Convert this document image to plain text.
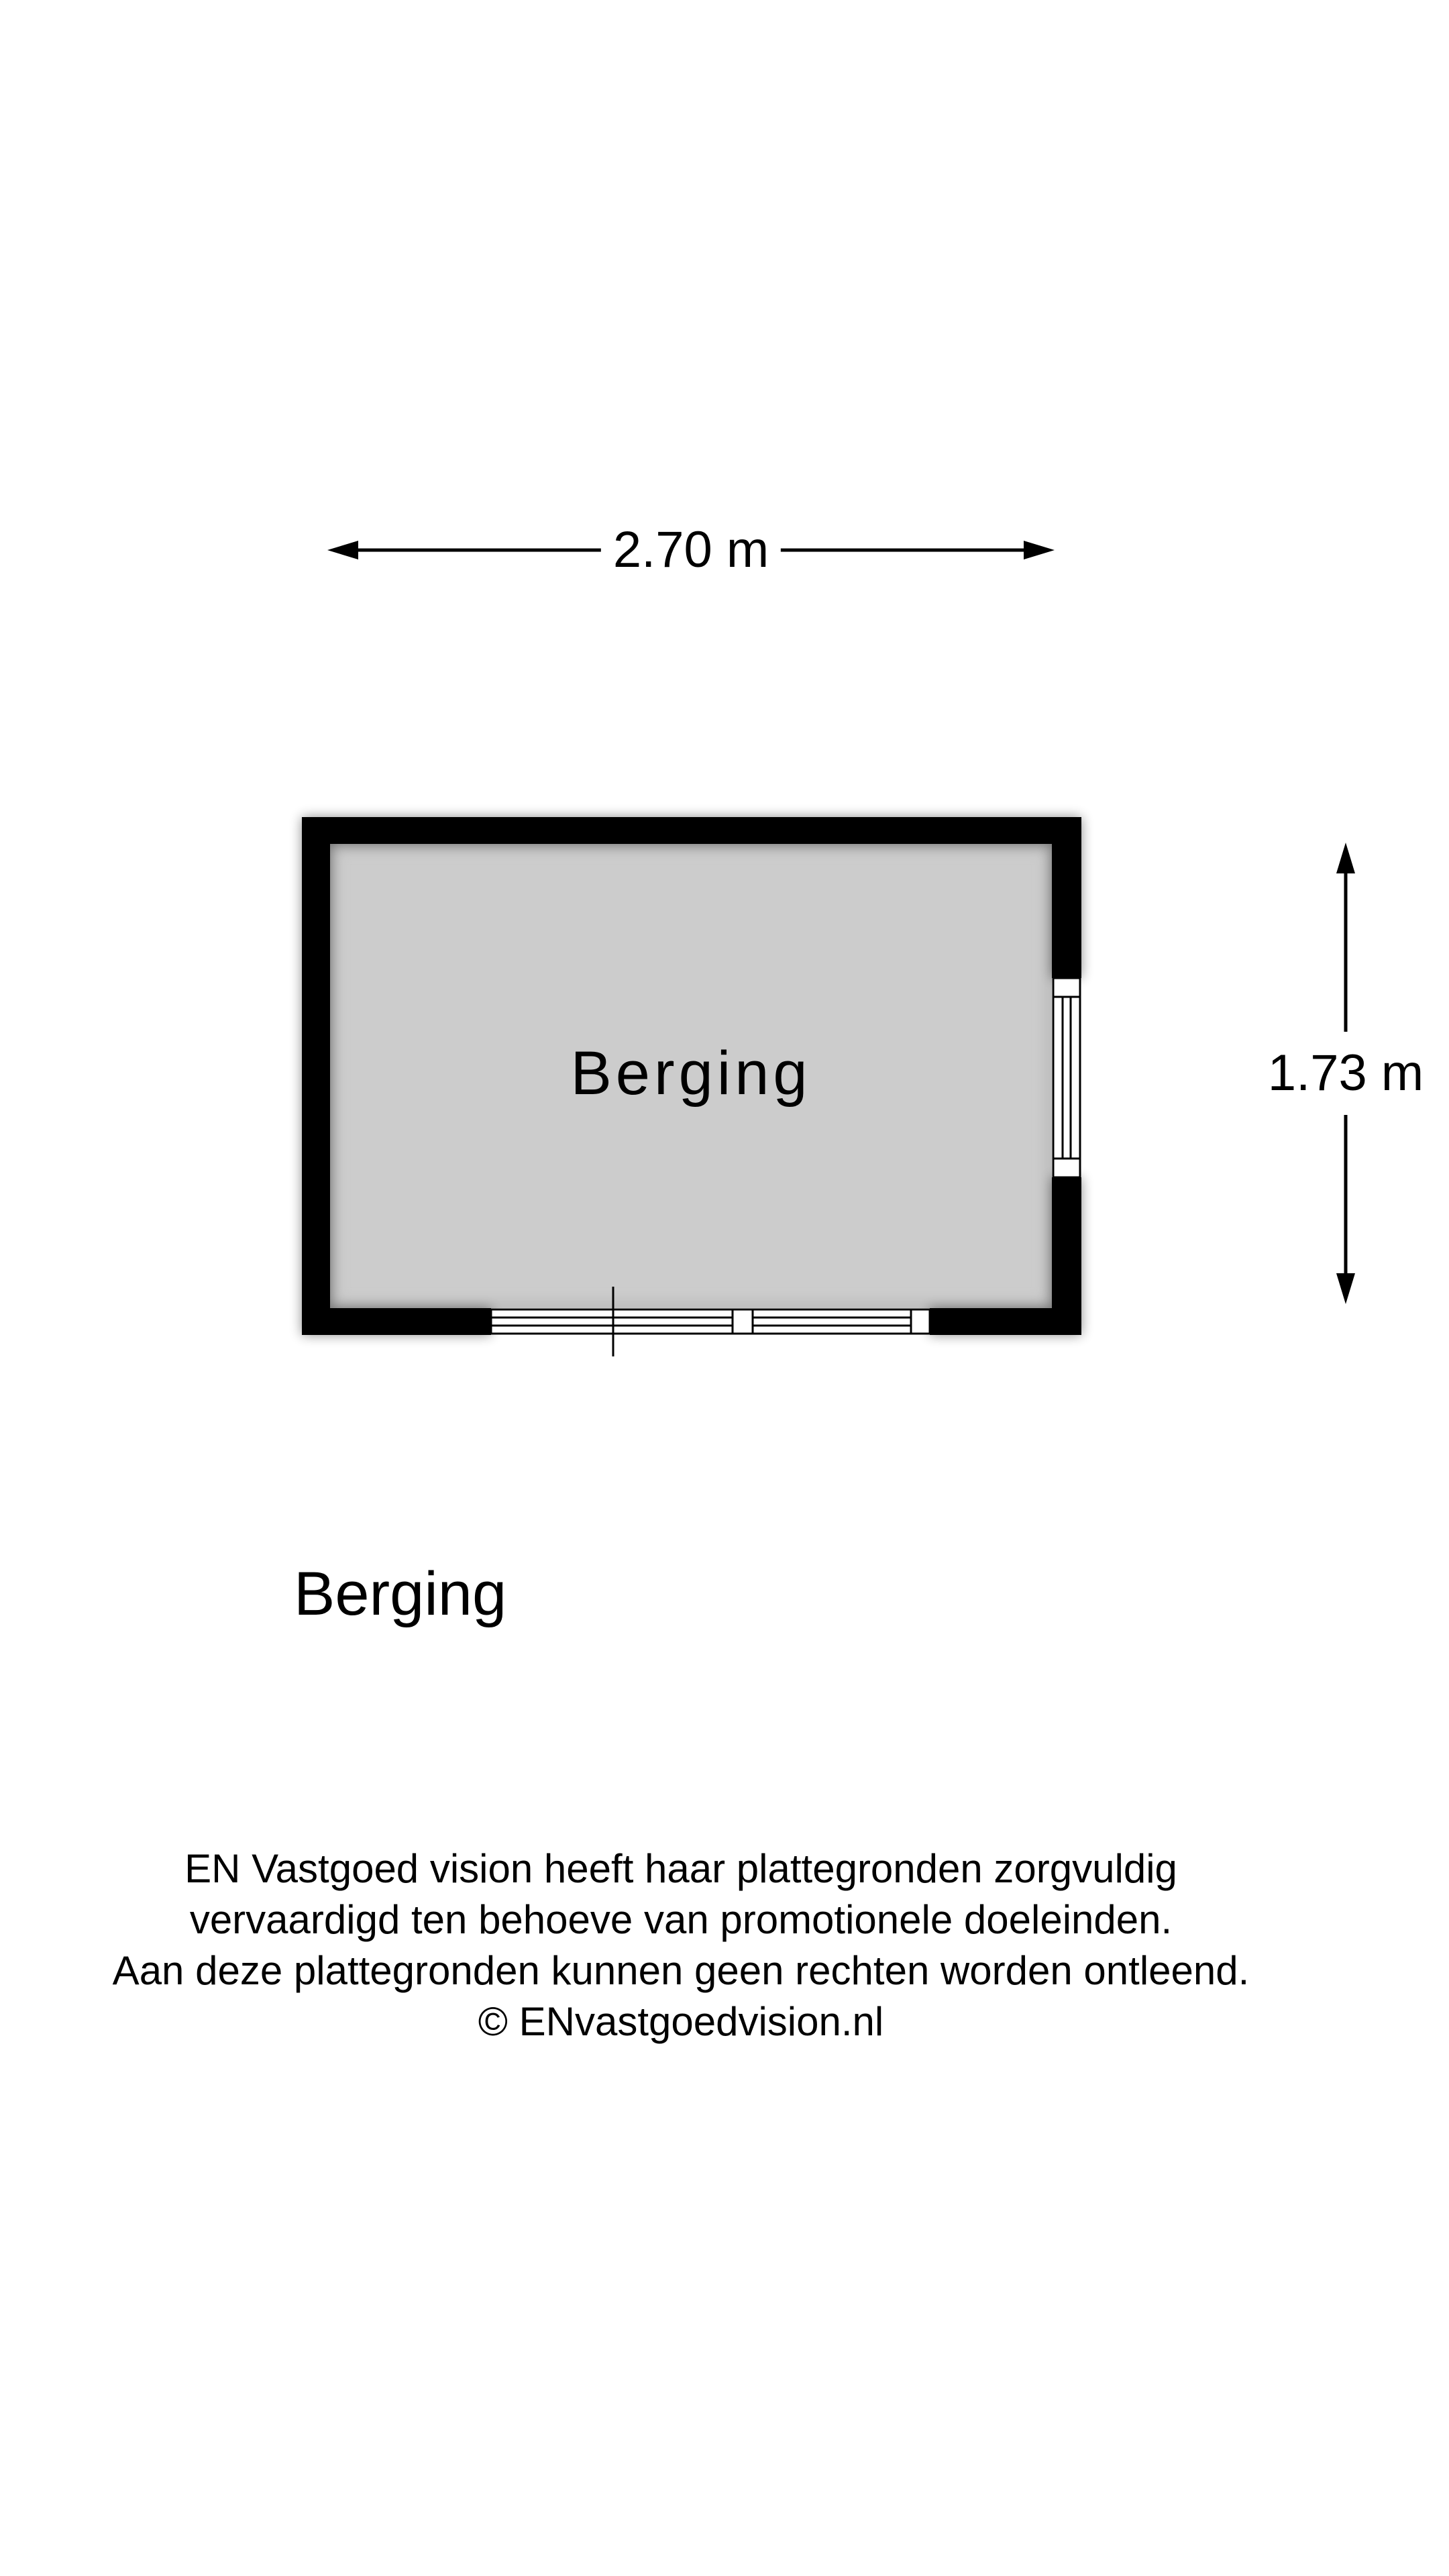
2.70 m
1.73 m
Berging
Berging
EN Vastgoed vision heeft haar plattegronden zorgvuldig
vervaardigd ten behoeve van promotionele doeleinden.
Aan deze plattegronden kunnen geen rechten worden ontleend.
© ENvastgoedvision.nl
